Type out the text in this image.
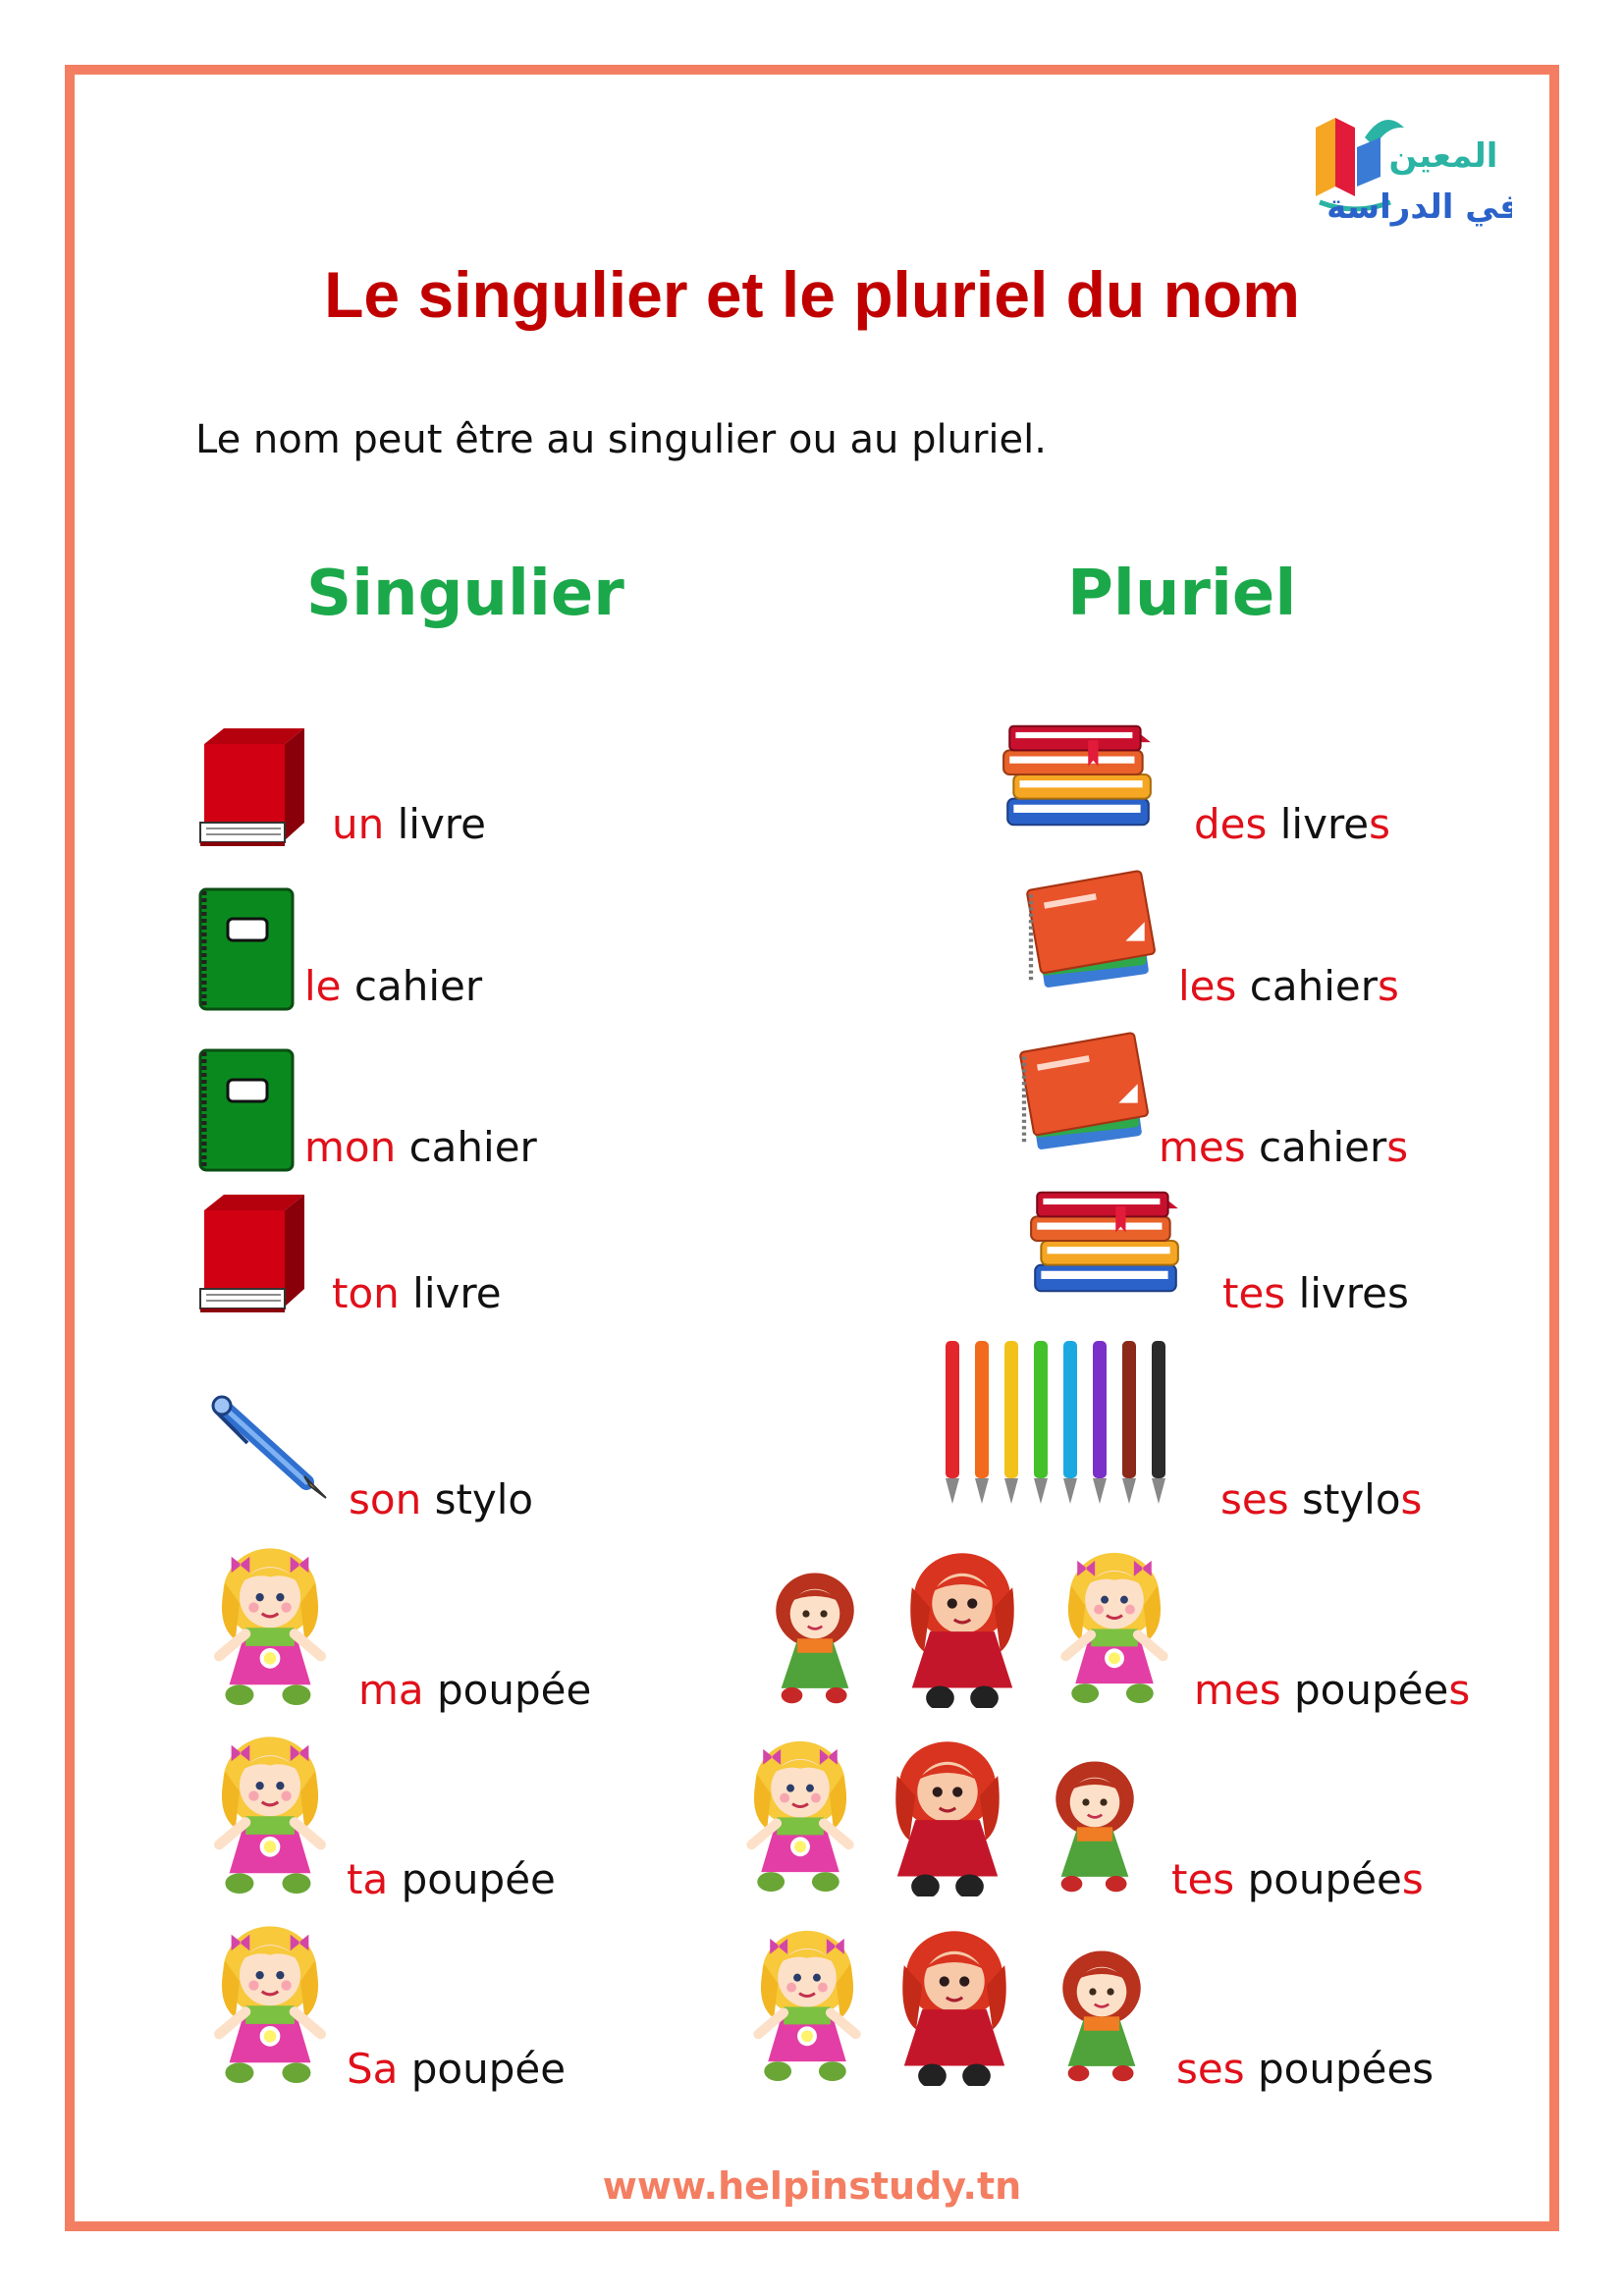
المعين
في الدراسة
Le singulier et le pluriel du nom
Le nom peut être au singulier ou au pluriel.
Singulier	Pluriel
un livre
le cahier
mon cahier
ton livre
son stylo
ma poupée
ta poupée
Sa poupée
des livres
les cahiers
mes cahiers
tes livres
ses stylos
mes poupées
tes poupées
ses poupées
www.helpinstudy.tn
